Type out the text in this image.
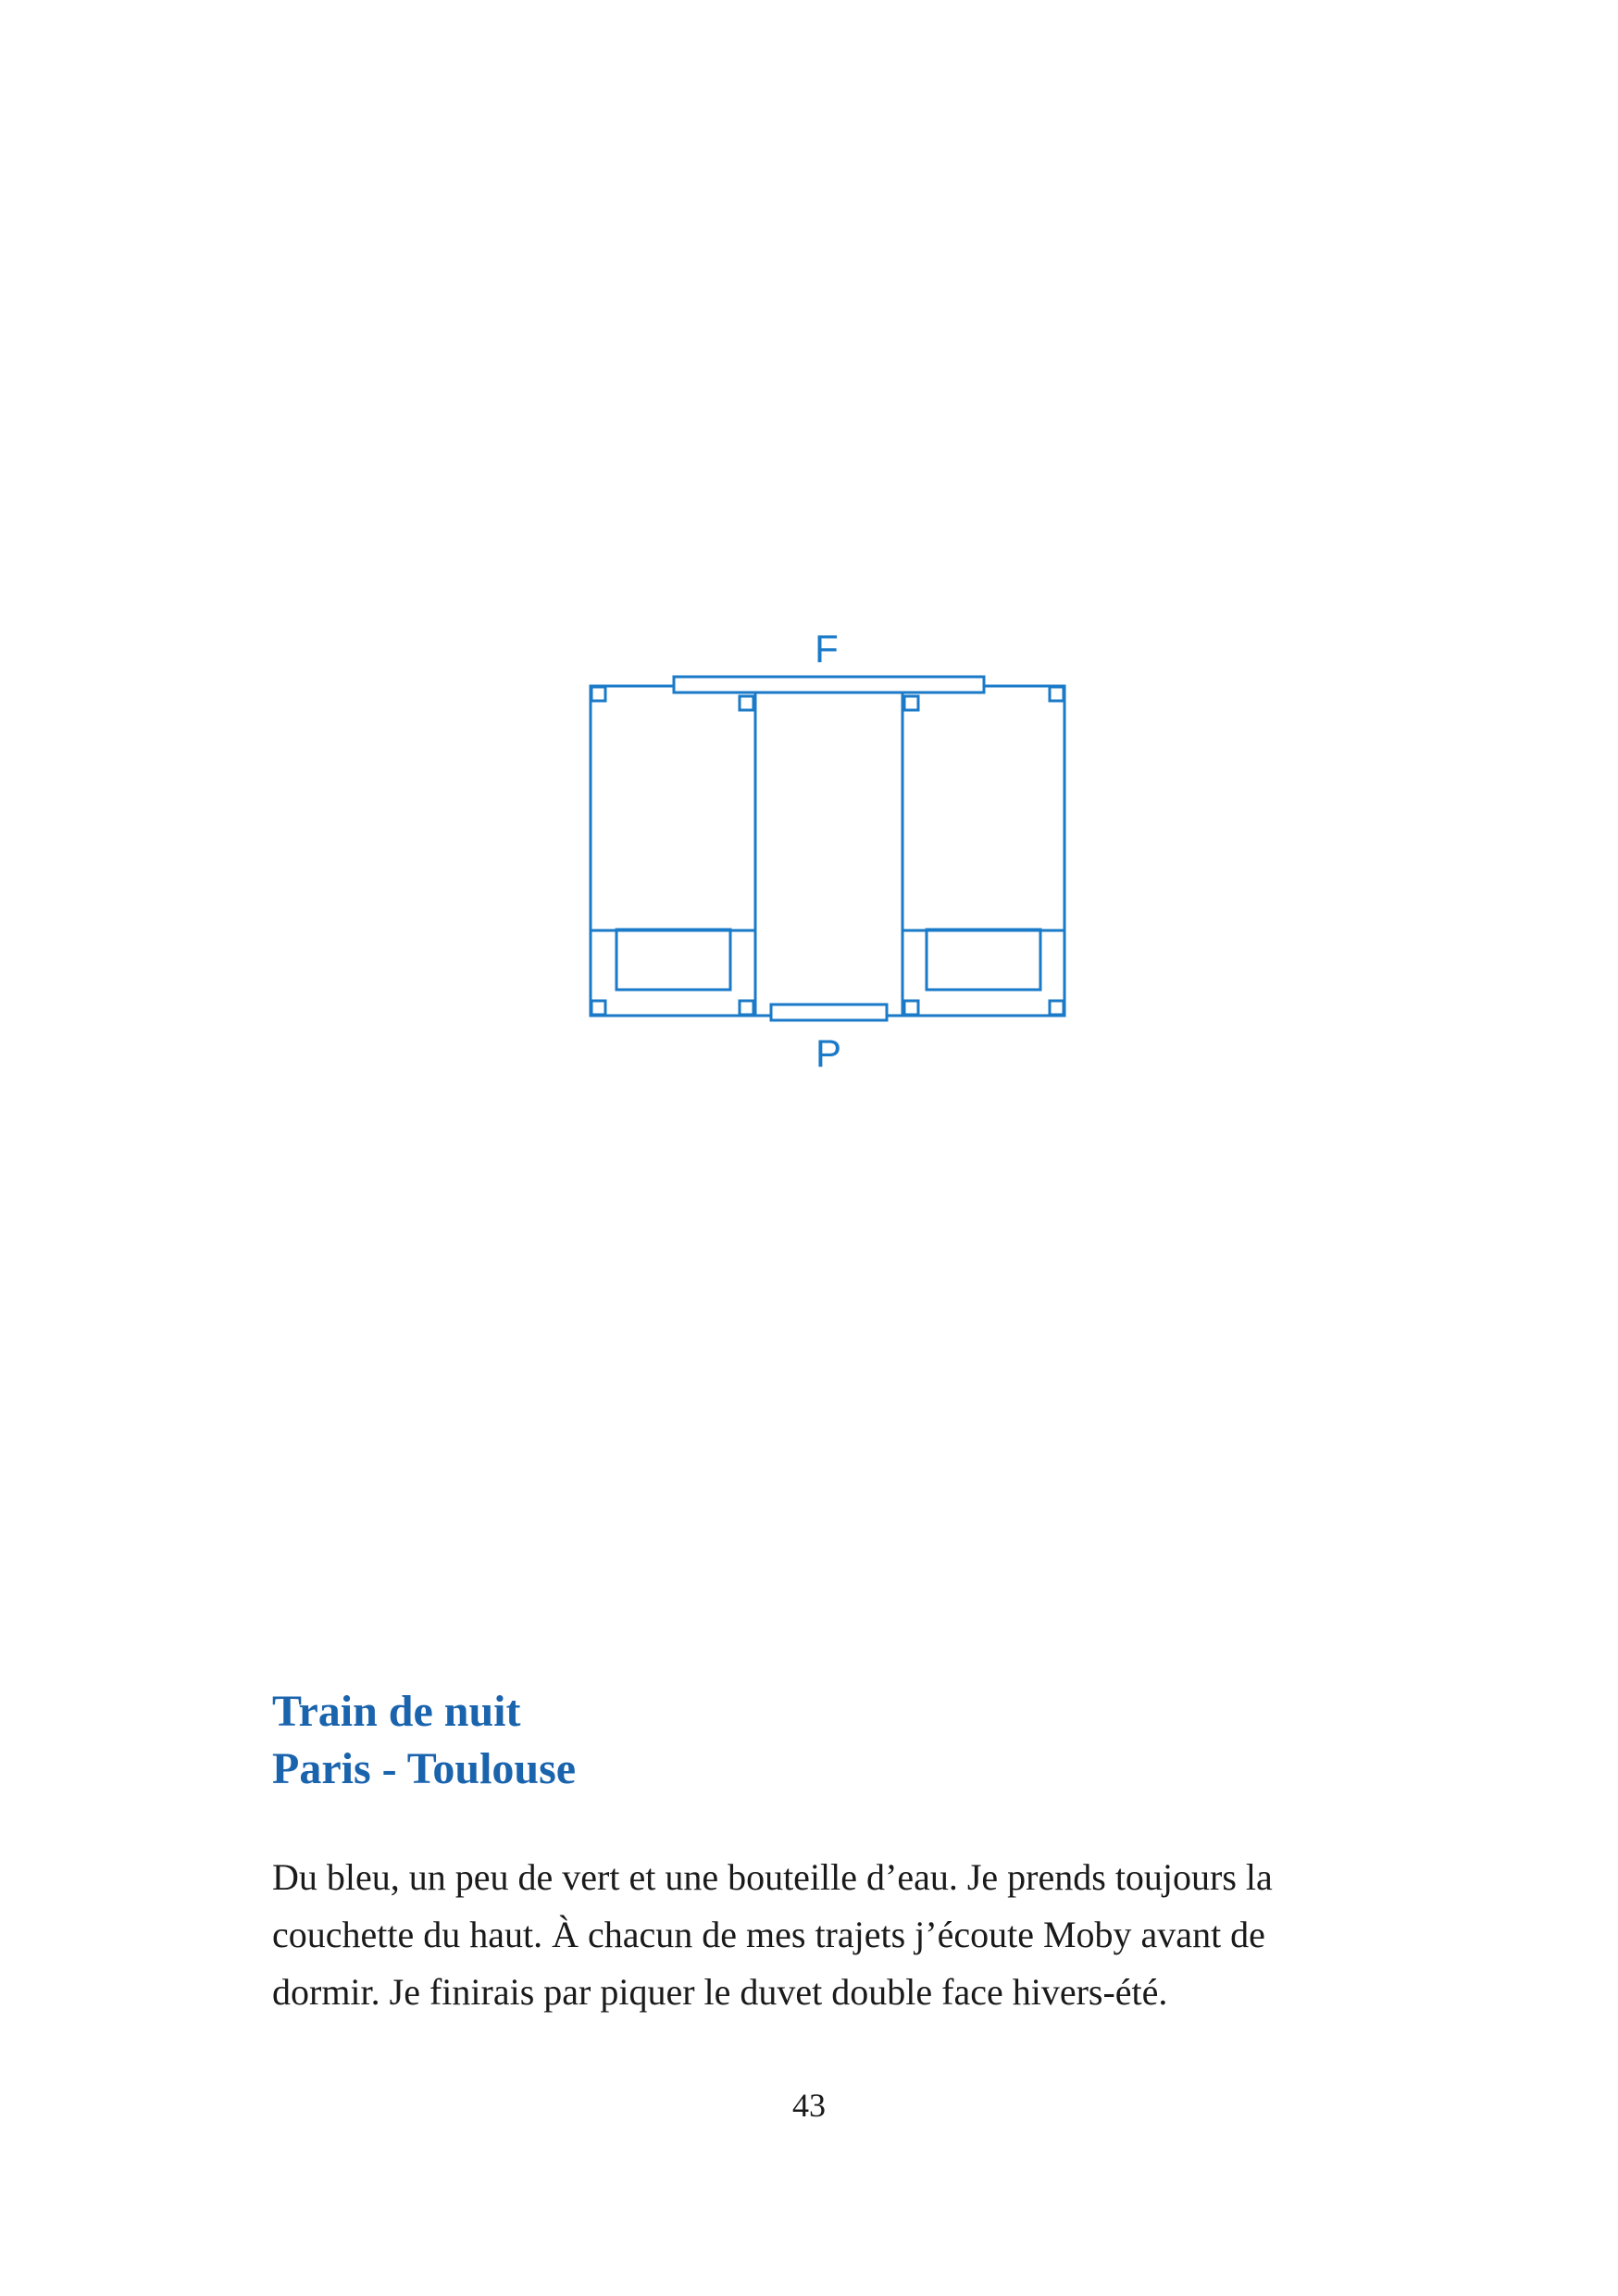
F
P
Train de nuit
Paris - Toulouse

Du bleu, un peu de vert et une bouteille d’eau. Je prends toujours la
couchette du haut. À chacun de mes trajets j’écoute Moby avant de
dormir. Je finirais par piquer le duvet double face hivers-été.

43
